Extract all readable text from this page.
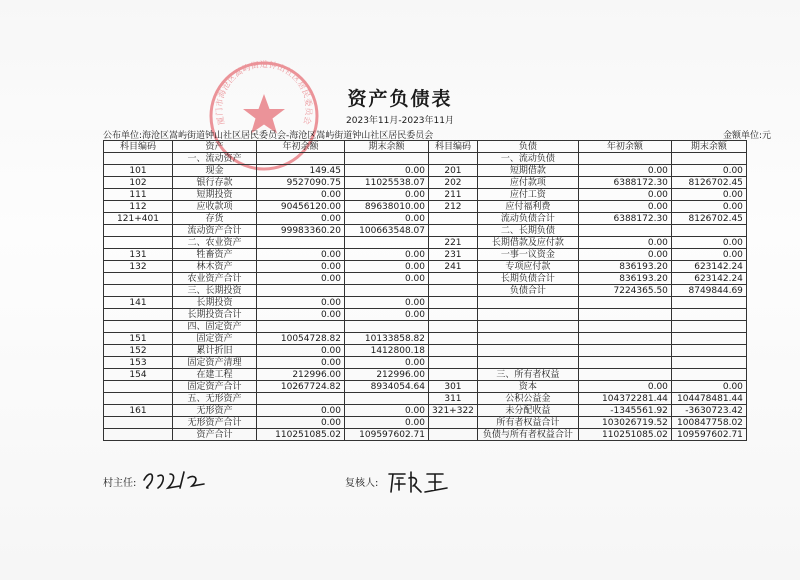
厦门市海沧区嵩屿街道钟山社区居民委员会
资产负债表
2023年11月-2023年11月
公布单位:海沧区嵩屿街道钟山社区居民委员会-海沧区嵩屿街道钟山社区居民委员会	金额单位:元
科目编码	资产	年初余额	期末余额	科目编码	负债	年初余额	期末余额
	一、流动资产				一、流动负债		
101	现金	149.45	0.00	201	短期借款	0.00	0.00
102	银行存款	9527090.75	11025538.07	202	应付款项	6388172.30	8126702.45
111	短期投资	0.00	0.00	211	应付工资	0.00	0.00
112	应收款项	90456120.00	89638010.00	212	应付福利费	0.00	0.00
121+401	存货	0.00	0.00		流动负债合计	6388172.30	8126702.45
	流动资产合计	99983360.20	100663548.07		二、长期负债		
	二、农业资产			221	长期借款及应付款	0.00	0.00
131	牲畜资产	0.00	0.00	231	一事一议资金	0.00	0.00
132	林木资产	0.00	0.00	241	专项应付款	836193.20	623142.24
	农业资产合计	0.00	0.00		长期负债合计	836193.20	623142.24
	三、长期投资				负债合计	7224365.50	8749844.69
141	长期投资	0.00	0.00				
	长期投资合计	0.00	0.00				
	四、固定资产						
151	固定资产	10054728.82	10133858.82				
152	累计折旧	0.00	1412800.18				
153	固定资产清理	0.00	0.00				
154	在建工程	212996.00	212996.00		三、所有者权益		
	固定资产合计	10267724.82	8934054.64	301	资本	0.00	0.00
	五、无形资产			311	公积公益金	104372281.44	104478481.44
161	无形资产	0.00	0.00	321+322	未分配收益	-1345561.92	-3630723.42
	无形资产合计	0.00	0.00		所有者权益合计	103026719.52	100847758.02
	资产合计	110251085.02	109597602.71		负债与所有者权益合计	110251085.02	109597602.71
村主任:	复核人:
